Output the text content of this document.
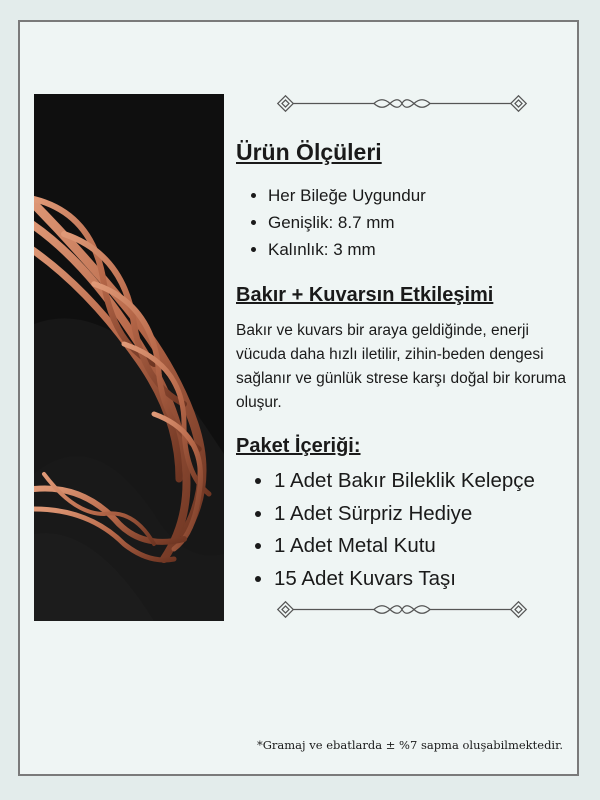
Ürün Ölçüleri
• Her Bileğe Uygundur
• Genişlik: 8.7 mm
• Kalınlık: 3 mm
Bakır + Kuvarsın Etkileşimi

Bakır ve kuvars bir araya geldiğinde, enerji vücuda daha hızlı iletilir, zihin-beden dengesi sağlanır ve günlük strese karşı doğal bir koruma oluşur.

Paket İçeriği:
• 1 Adet Bakır Bileklik Kelepçe
• 1 Adet Sürpriz Hediye
• 1 Adet Metal Kutu
• 15 Adet Kuvars Taşı

*Gramaj ve ebatlarda ± %7 sapma oluşabilmektedir.
